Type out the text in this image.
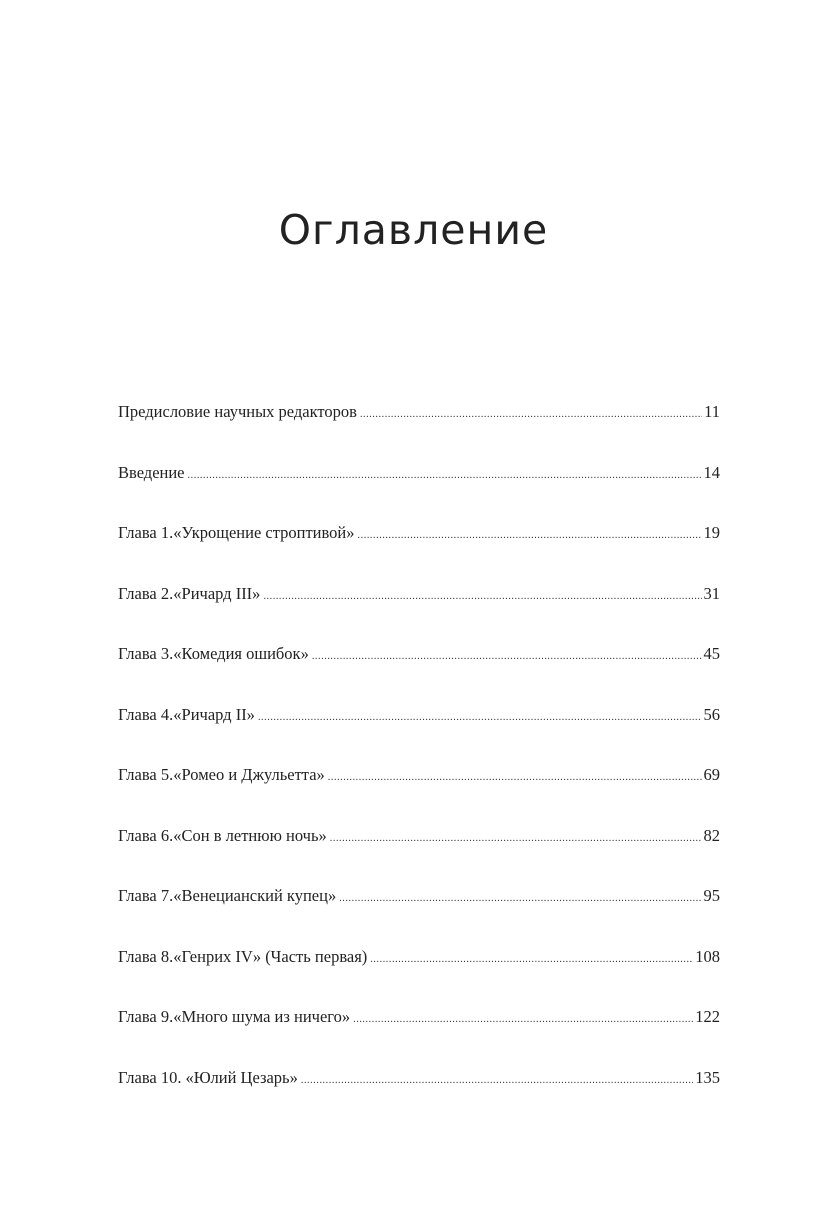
Оглавление
Предисловие научных редакторов .....	11
Введение .....	14
Глава 1. «Укрощение строптивой» .....	19
Глава 2. «Ричард III» .....	31
Глава 3. «Комедия ошибок» .....	45
Глава 4. «Ричард II» .....	56
Глава 5. «Ромео и Джульетта» .....	69
Глава 6. «Сон в летнюю ночь» .....	82
Глава 7. «Венецианский купец» .....	95
Глава 8. «Генрих IV» (Часть первая) .....	108
Глава 9. «Много шума из ничего» .....	122
Глава 10. «Юлий Цезарь» .....	135
